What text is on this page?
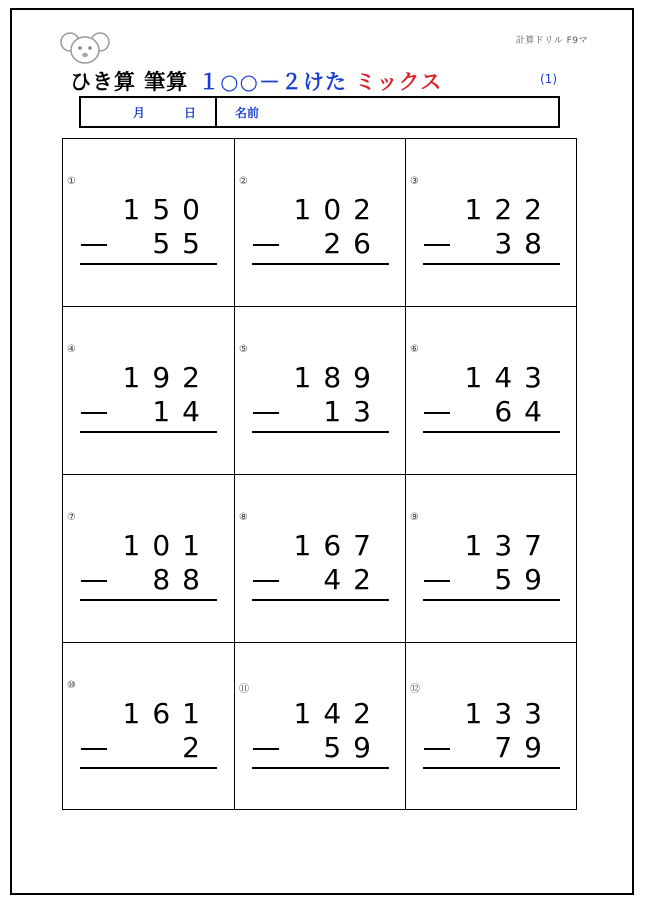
計算ドリル F9マ
ひき算 筆算 １○○－２けた ミックス	(1)
月	日	名前
①
150
55
②
102
26
③
122
38
④
192
14
⑤
189
13
⑥
143
64
⑦
101
88
⑧
167
42
⑨
137
59
⑩
161
2
⑪
142
59
⑫
133
79
